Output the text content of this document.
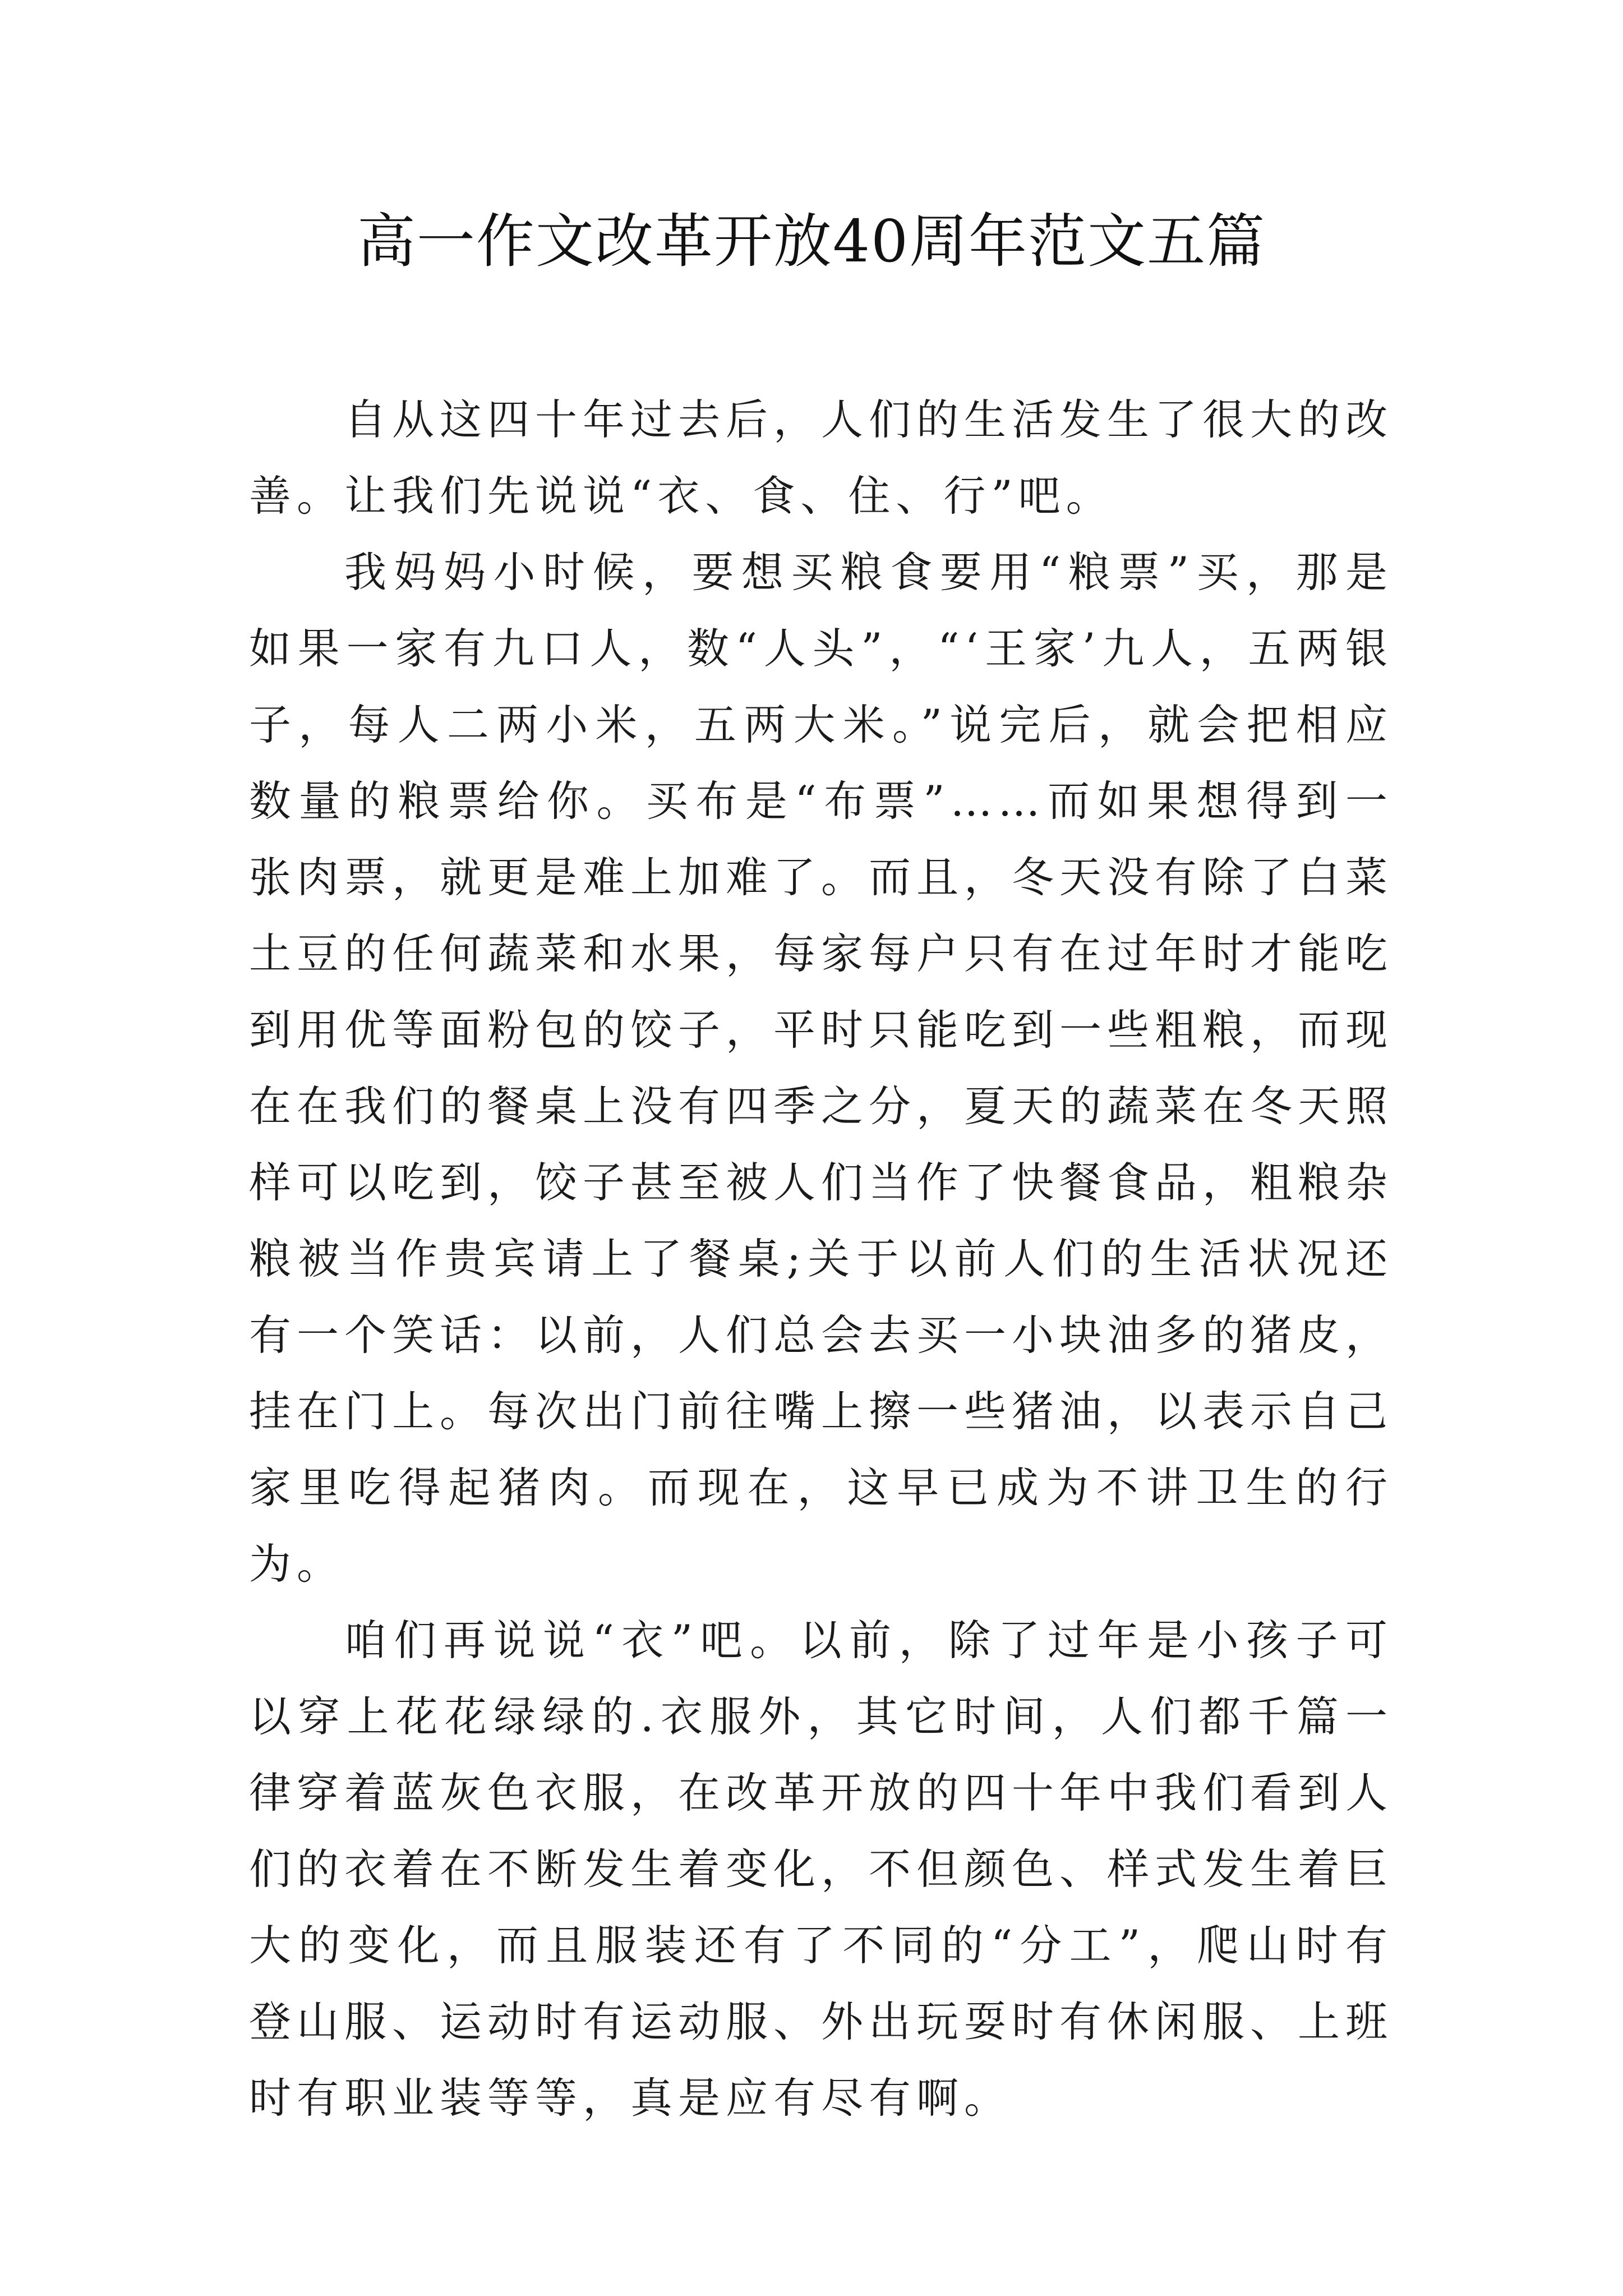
高一作文改革开放40周年范文五篇

自从这四十年过去后，人们的生活发生了很大的改善。让我们先说说“衣、食、住、行”吧。

我妈妈小时候，要想买粮食要用“粮票”买，那是如果一家有九口人，数“人头”，“‘王家’九人，五两银子，每人二两小米，五两大米。”说完后，就会把相应数量的粮票给你。买布是“布票”……而如果想得到一张肉票，就更是难上加难了。而且，冬天没有除了白菜土豆的任何蔬菜和水果，每家每户只有在过年时才能吃到用优等面粉包的饺子，平时只能吃到一些粗粮，而现在在我们的餐桌上没有四季之分，夏天的蔬菜在冬天照样可以吃到，饺子甚至被人们当作了快餐食品，粗粮杂粮被当作贵宾请上了餐桌;关于以前人们的生活状况还有一个笑话：以前，人们总会去买一小块油多的猪皮，挂在门上。每次出门前往嘴上擦一些猪油，以表示自己家里吃得起猪肉。而现在，这早已成为不讲卫生的行为。

咱们再说说“衣”吧。以前，除了过年是小孩子可以穿上花花绿绿的.衣服外，其它时间，人们都千篇一律穿着蓝灰色衣服，在改革开放的四十年中我们看到人们的衣着在不断发生着变化，不但颜色、样式发生着巨大的变化，而且服装还有了不同的“分工”，爬山时有登山服、运动时有运动服、外出玩耍时有休闲服、上班时有职业装等等，真是应有尽有啊。
